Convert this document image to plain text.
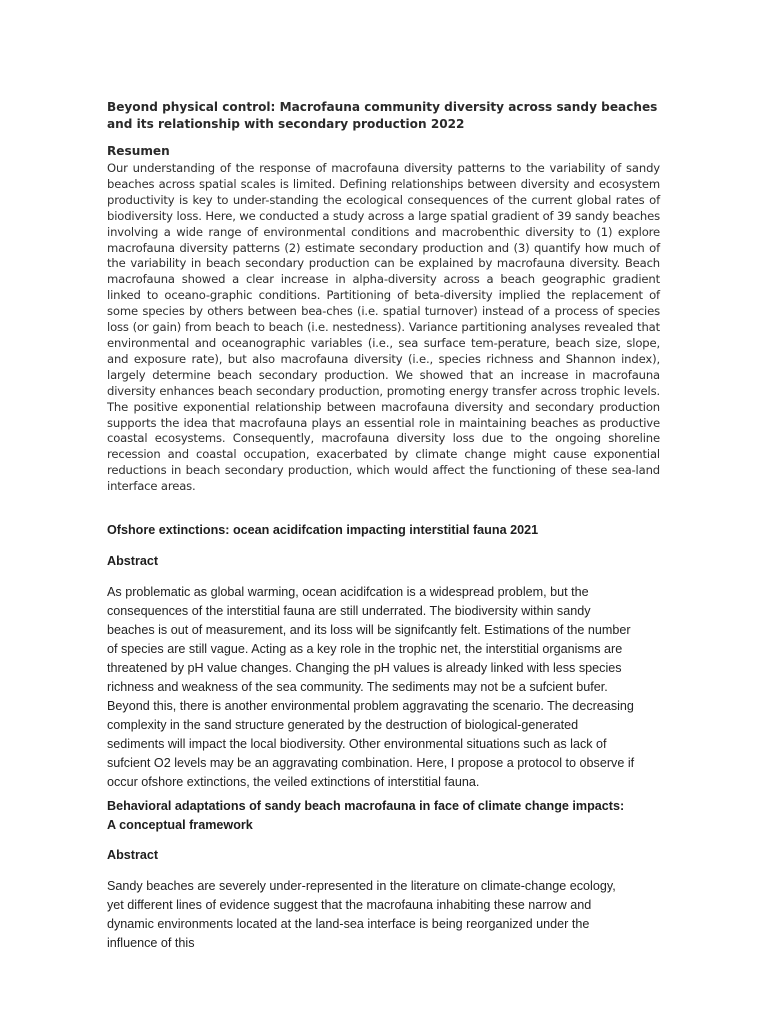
Beyond physical control: Macrofauna community diversity across sandy beaches and its relationship with secondary production 2022

Resumen

Our understanding of the response of macrofauna diversity patterns to the variability of sandy beaches across spatial scales is limited. Defining relationships between diversity and ecosystem productivity is key to under-standing the ecological consequences of the current global rates of biodiversity loss. Here, we conducted a study across a large spatial gradient of 39 sandy beaches involving a wide range of environmental conditions and macrobenthic diversity to (1) explore macrofauna diversity patterns (2) estimate secondary production and (3) quantify how much of the variability in beach secondary production can be explained by macrofauna diversity. Beach macrofauna showed a clear increase in alpha-diversity across a beach geographic gradient linked to oceano-graphic conditions. Partitioning of beta-diversity implied the replacement of some species by others between bea-ches (i.e. spatial turnover) instead of a process of species loss (or gain) from beach to beach (i.e. nestedness). Variance partitioning analyses revealed that environmental and oceanographic variables (i.e., sea surface tem-perature, beach size, slope, and exposure rate), but also macrofauna diversity (i.e., species richness and Shannon index), largely determine beach secondary production. We showed that an increase in macrofauna diversity enhances beach secondary production, promoting energy transfer across trophic levels. The positive exponential relationship between macrofauna diversity and secondary production supports the idea that macrofauna plays an essential role in maintaining beaches as productive coastal ecosystems. Consequently, macrofauna diversity loss due to the ongoing shoreline recession and coastal occupation, exacerbated by climate change might cause exponential reductions in beach secondary production, which would affect the functioning of these sea-land interface areas.

Ofshore extinctions: ocean acidifcation impacting interstitial fauna 2021

Abstract

As problematic as global warming, ocean acidifcation is a widespread problem, but the consequences of the interstitial fauna are still underrated. The biodiversity within sandy beaches is out of measurement, and its loss will be signifcantly felt. Estimations of the number of species are still vague. Acting as a key role in the trophic net, the interstitial organisms are threatened by pH value changes. Changing the pH values is already linked with less species richness and weakness of the sea community. The sediments may not be a sufcient bufer. Beyond this, there is another environmental problem aggravating the scenario. The decreasing complexity in the sand structure generated by the destruction of biological-generated sediments will impact the local biodiversity. Other environmental situations such as lack of sufcient O2 levels may be an aggravating combination. Here, I propose a protocol to observe if occur ofshore extinctions, the veiled extinctions of interstitial fauna.

Behavioral adaptations of sandy beach macrofauna in face of climate change impacts: A conceptual framework

Abstract

Sandy beaches are severely under-represented in the literature on climate-change ecology, yet different lines of evidence suggest that the macrofauna inhabiting these narrow and dynamic environments located at the land-sea interface is being reorganized under the influence of this
